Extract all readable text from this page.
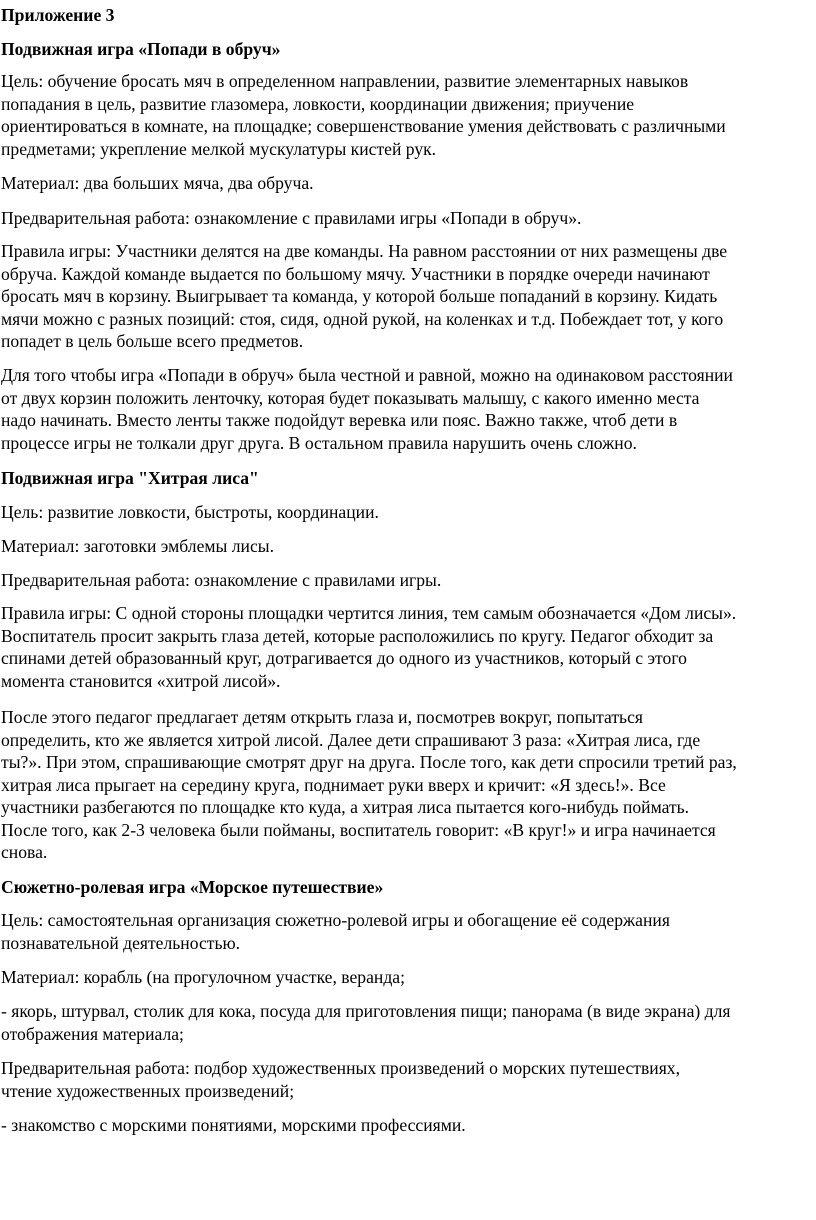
Приложение 3
Подвижная игра «Попади в обруч»
Цель: обучение бросать мяч в определенном направлении, развитие элементарных навыков
попадания в цель, развитие глазомера, ловкости, координации движения; приучение
ориентироваться в комнате, на площадке; совершенствование умения действовать с различными
предметами; укрепление мелкой мускулатуры кистей рук.
Материал: два больших мяча, два обруча.
Предварительная работа: ознакомление с правилами игры «Попади в обруч».
Правила игры: Участники делятся на две команды. На равном расстоянии от них размещены две
обруча. Каждой команде выдается по большому мячу. Участники в порядке очереди начинают
бросать мяч в корзину. Выигрывает та команда, у которой больше попаданий в корзину. Кидать
мячи можно с разных позиций: стоя, сидя, одной рукой, на коленках и т.д. Побеждает тот, у кого
попадет в цель больше всего предметов.
Для того чтобы игра «Попади в обруч» была честной и равной, можно на одинаковом расстоянии
от двух корзин положить ленточку, которая будет показывать малышу, с какого именно места
надо начинать. Вместо ленты также подойдут веревка или пояс. Важно также, чтоб дети в
процессе игры не толкали друг друга. В остальном правила нарушить очень сложно.
Подвижная игра "Хитрая лиса"
Цель: развитие ловкости, быстроты, координации.
Материал: заготовки эмблемы лисы.
Предварительная работа: ознакомление с правилами игры.
Правила игры: С одной стороны площадки чертится линия, тем самым обозначается «Дом лисы».
Воспитатель просит закрыть глаза детей, которые расположились по кругу. Педагог обходит за
спинами детей образованный круг, дотрагивается до одного из участников, который с этого
момента становится «хитрой лисой».
После этого педагог предлагает детям открыть глаза и, посмотрев вокруг, попытаться
определить, кто же является хитрой лисой. Далее дети спрашивают 3 раза: «Хитрая лиса, где
ты?». При этом, спрашивающие смотрят друг на друга. После того, как дети спросили третий раз,
хитрая лиса прыгает на середину круга, поднимает руки вверх и кричит: «Я здесь!». Все
участники разбегаются по площадке кто куда, а хитрая лиса пытается кого-нибудь поймать.
После того, как 2-3 человека были пойманы, воспитатель говорит: «В круг!» и игра начинается
снова.
Сюжетно-ролевая игра «Морское путешествие»
Цель: самостоятельная организация сюжетно-ролевой игры и обогащение её содержания
познавательной деятельностью.
Материал: корабль (на прогулочном участке, веранда;
- якорь, штурвал, столик для кока, посуда для приготовления пищи; панорама (в виде экрана) для
отображения материала;
Предварительная работа: подбор художественных произведений о морских путешествиях,
чтение художественных произведений;
- знакомство с морскими понятиями, морскими профессиями.
